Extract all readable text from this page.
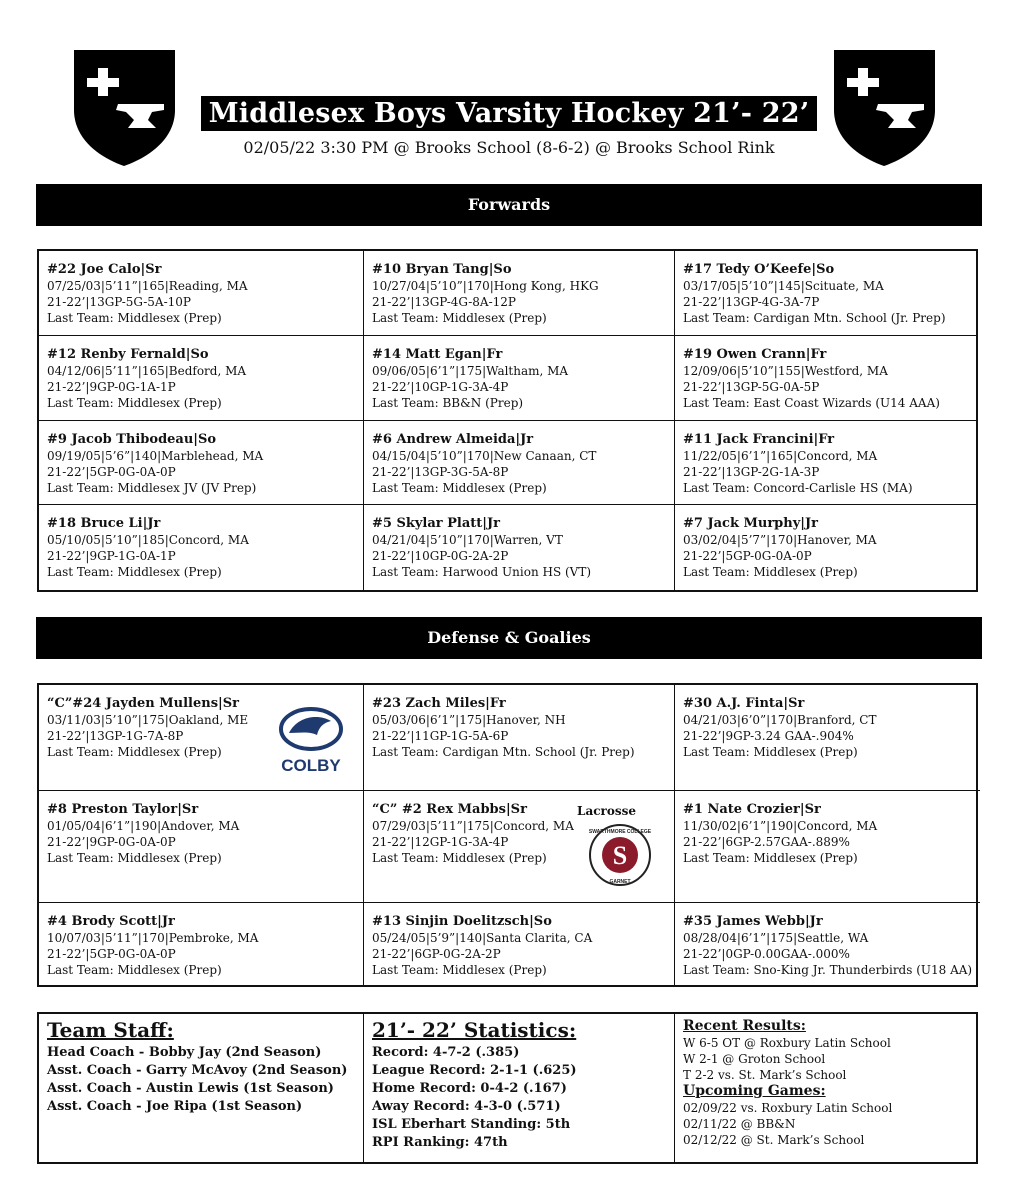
Middlesex Boys Varsity Hockey 21’- 22’
02/05/22 3:30 PM @ Brooks School (8-6-2) @ Brooks School Rink
Forwards
#22 Joe Calo|Sr
07/25/03|5’11”|165|Reading, MA
21-22’|13GP-5G-5A-10P
Last Team: Middlesex (Prep)
#10 Bryan Tang|So
10/27/04|5’10”|170|Hong Kong, HKG
21-22’|13GP-4G-8A-12P
Last Team: Middlesex (Prep)
#17 Tedy O’Keefe|So
03/17/05|5’10”|145|Scituate, MA
21-22’|13GP-4G-3A-7P
Last Team: Cardigan Mtn. School (Jr. Prep)
#12 Renby Fernald|So
04/12/06|5’11”|165|Bedford, MA
21-22’|9GP-0G-1A-1P
Last Team: Middlesex (Prep)
#14 Matt Egan|Fr
09/06/05|6’1”|175|Waltham, MA
21-22’|10GP-1G-3A-4P
Last Team: BB&N (Prep)
#19 Owen Crann|Fr
12/09/06|5’10”|155|Westford, MA
21-22’|13GP-5G-0A-5P
Last Team: East Coast Wizards (U14 AAA)
#9 Jacob Thibodeau|So
09/19/05|5’6”|140|Marblehead, MA
21-22’|5GP-0G-0A-0P
Last Team: Middlesex JV (JV Prep)
#6 Andrew Almeida|Jr
04/15/04|5’10”|170|New Canaan, CT
21-22’|13GP-3G-5A-8P
Last Team: Middlesex (Prep)
#11 Jack Francini|Fr
11/22/05|6’1”|165|Concord, MA
21-22’|13GP-2G-1A-3P
Last Team: Concord-Carlisle HS (MA)
#18 Bruce Li|Jr
05/10/05|5’10”|185|Concord, MA
21-22’|9GP-1G-0A-1P
Last Team: Middlesex (Prep)
#5 Skylar Platt|Jr
04/21/04|5’10”|170|Warren, VT
21-22’|10GP-0G-2A-2P
Last Team: Harwood Union HS (VT)
#7 Jack Murphy|Jr
03/02/04|5’7”|170|Hanover, MA
21-22’|5GP-0G-0A-0P
Last Team: Middlesex (Prep)
Defense & Goalies
“C”#24 Jayden Mullens|Sr
03/11/03|5’10”|175|Oakland, ME
21-22’|13GP-1G-7A-8P
Last Team: Middlesex (Prep)
COLBY
#23 Zach Miles|Fr
05/03/06|6’1”|175|Hanover, NH
21-22’|11GP-1G-5A-6P
Last Team: Cardigan Mtn. School (Jr. Prep)
#30 A.J. Finta|Sr
04/21/03|6’0”|170|Branford, CT
21-22’|9GP-3.24 GAA-.904%
Last Team: Middlesex (Prep)
#8 Preston Taylor|Sr
01/05/04|6’1”|190|Andover, MA
21-22’|9GP-0G-0A-0P
Last Team: Middlesex (Prep)
“C” #2 Rex Mabbs|Sr
07/29/03|5’11”|175|Concord, MA
21-22’|12GP-1G-3A-4P
Last Team: Middlesex (Prep)
Lacrosse
S
SWARTHMORE COLLEGE
GARNET
#1 Nate Crozier|Sr
11/30/02|6’1”|190|Concord, MA
21-22’|6GP-2.57GAA-.889%
Last Team: Middlesex (Prep)
#4 Brody Scott|Jr
10/07/03|5’11”|170|Pembroke, MA
21-22’|5GP-0G-0A-0P
Last Team: Middlesex (Prep)
#13 Sinjin Doelitzsch|So
05/24/05|5’9”|140|Santa Clarita, CA
21-22’|6GP-0G-2A-2P
Last Team: Middlesex (Prep)
#35 James Webb|Jr
08/28/04|6’1”|175|Seattle, WA
21-22’|0GP-0.00GAA-.000%
Last Team: Sno-King Jr. Thunderbirds (U18 AA)
Team Staff:
Head Coach - Bobby Jay (2nd Season)
Asst. Coach - Garry McAvoy (2nd Season)
Asst. Coach - Austin Lewis (1st Season)
Asst. Coach - Joe Ripa (1st Season)
21’- 22’ Statistics:
Record: 4-7-2 (.385)
League Record: 2-1-1 (.625)
Home Record: 0-4-2 (.167)
Away Record: 4-3-0 (.571)
ISL Eberhart Standing: 5th
RPI Ranking: 47th
Recent Results:
W 6-5 OT @ Roxbury Latin School
W 2-1 @ Groton School
T 2-2 vs. St. Mark’s School
Upcoming Games:
02/09/22 vs. Roxbury Latin School
02/11/22 @ BB&N
02/12/22 @ St. Mark’s School
